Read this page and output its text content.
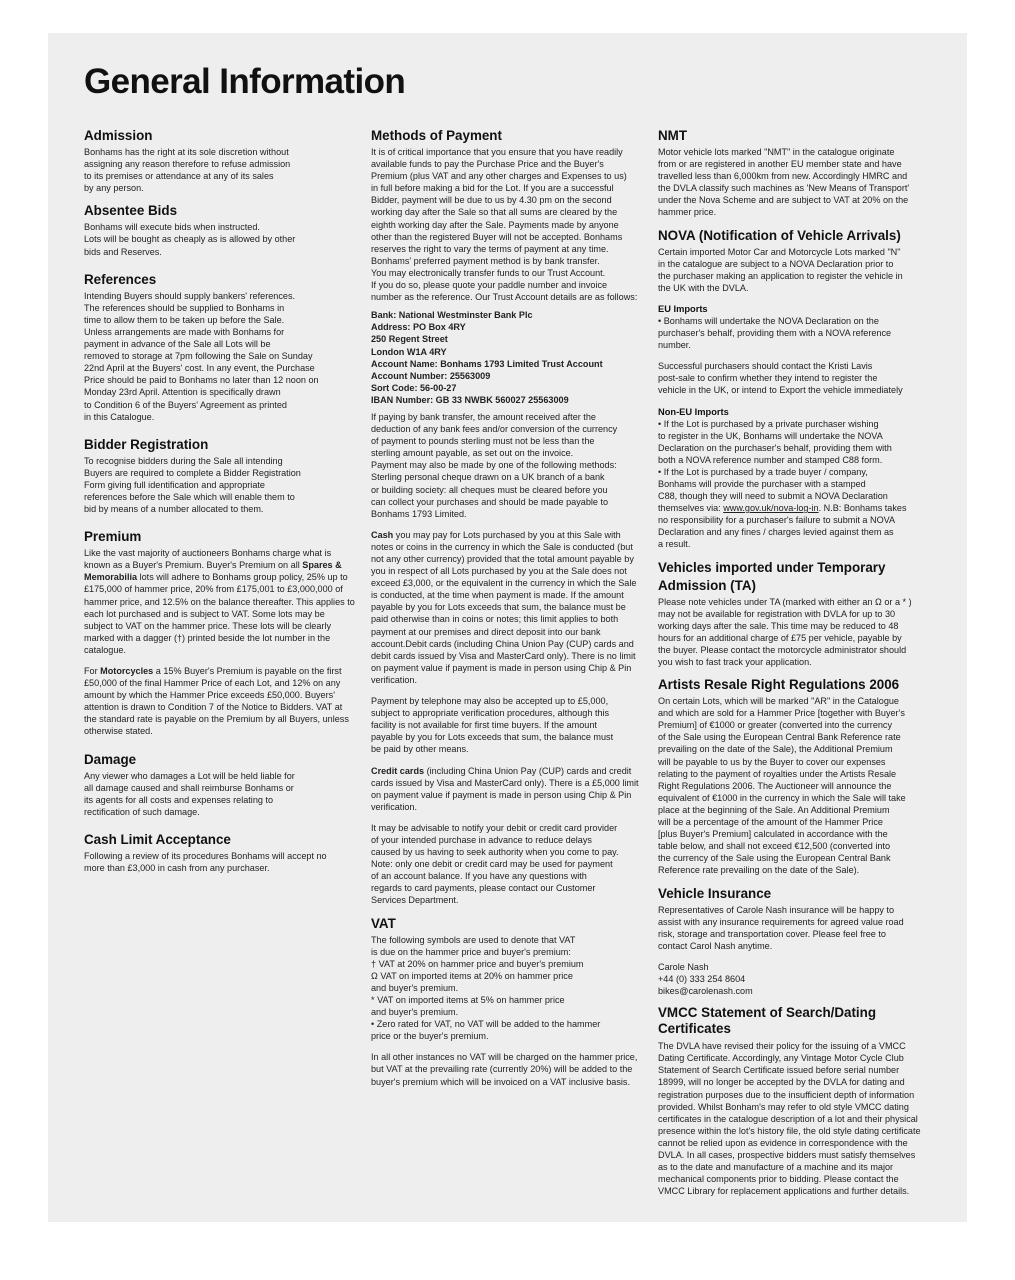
General Information
Admission

Bonhams has the right at its sole discretion without

assigning any reason therefore to refuse admission

to its premises or attendance at any of its sales

by any person.

Absentee Bids

Bonhams will execute bids when instructed.

Lots will be bought as cheaply as is allowed by other

bids and Reserves.

References

Intending Buyers should supply bankers' references.

The references should be supplied to Bonhams in

time to allow them to be taken up before the Sale.

Unless arrangements are made with Bonhams for

payment in advance of the Sale all Lots will be

removed to storage at 7pm following the Sale on Sunday

22nd April at the Buyers' cost. In any event, the Purchase

Price should be paid to Bonhams no later than 12 noon on

Monday 23rd April. Attention is specifically drawn

to Condition 6 of the Buyers' Agreement as printed

in this Catalogue.

Bidder Registration

To recognise bidders during the Sale all intending

Buyers are required to complete a Bidder Registration

Form giving full identification and appropriate

references before the Sale which will enable them to

bid by means of a number allocated to them.

Premium

Like the vast majority of auctioneers Bonhams charge what is known as a Buyer's Premium. Buyer's Premium on all Spares & Memorabilia lots will adhere to Bonhams group policy, 25% up to £175,000 of hammer price, 20% from £175,001 to £3,000,000 of hammer price, and 12.5% on the balance thereafter. This applies to each lot purchased and is subject to VAT. Some lots may be subject to VAT on the hammer price. These lots will be clearly marked with a dagger (†) printed beside the lot number in the catalogue.

For Motorcycles a 15% Buyer's Premium is payable on the first £50,000 of the final Hammer Price of each Lot, and 12% on any amount by which the Hammer Price exceeds £50,000. Buyers' attention is drawn to Condition 7 of the Notice to Bidders. VAT at the standard rate is payable on the Premium by all Buyers, unless otherwise stated.

Damage

Any viewer who damages a Lot will be held liable for

all damage caused and shall reimburse Bonhams or

its agents for all costs and expenses relating to

rectification of such damage.

Cash Limit Acceptance

Following a review of its procedures Bonhams will accept no

more than £3,000 in cash from any purchaser.

Methods of Payment

It is of critical importance that you ensure that you have readily

available funds to pay the Purchase Price and the Buyer's

Premium (plus VAT and any other charges and Expenses to us)

in full before making a bid for the Lot. If you are a successful

Bidder, payment will be due to us by 4.30 pm on the second

working day after the Sale so that all sums are cleared by the

eighth working day after the Sale. Payments made by anyone

other than the registered Buyer will not be accepted. Bonhams

reserves the right to vary the terms of payment at any time.

Bonhams' preferred payment method is by bank transfer.

You may electronically transfer funds to our Trust Account.

If you do so, please quote your paddle number and invoice

number as the reference. Our Trust Account details are as follows:

Bank: National Westminster Bank Plc

Address: PO Box 4RY

250 Regent Street

London W1A 4RY

Account Name: Bonhams 1793 Limited Trust Account

Account Number: 25563009

Sort Code: 56-00-27

IBAN Number: GB 33 NWBK 560027 25563009

If paying by bank transfer, the amount received after the

deduction of any bank fees and/or conversion of the currency

of payment to pounds sterling must not be less than the

sterling amount payable, as set out on the invoice.

Payment may also be made by one of the following methods:

Sterling personal cheque drawn on a UK branch of a bank

or building society: all cheques must be cleared before you

can collect your purchases and should be made payable to

Bonhams 1793 Limited.

Cash you may pay for Lots purchased by you at this Sale with notes or coins in the currency in which the Sale is conducted (but not any other currency) provided that the total amount payable by you in respect of all Lots purchased by you at the Sale does not exceed £3,000, or the equivalent in the currency in which the Sale is conducted, at the time when payment is made. If the amount payable by you for Lots exceeds that sum, the balance must be paid otherwise than in coins or notes; this limit applies to both payment at our premises and direct deposit into our bank account.Debit cards (including China Union Pay (CUP) cards and debit cards issued by Visa and MasterCard only). There is no limit on payment value if payment is made in person using Chip & Pin verification.

Payment by telephone may also be accepted up to £5,000,

subject to appropriate verification procedures, although this

facility is not available for first time buyers. If the amount

payable by you for Lots exceeds that sum, the balance must

be paid by other means.

Credit cards (including China Union Pay (CUP) cards and credit cards issued by Visa and MasterCard only). There is a £5,000 limit on payment value if payment is made in person using Chip & Pin verification.

It may be advisable to notify your debit or credit card provider

of your intended purchase in advance to reduce delays

caused by us having to seek authority when you come to pay.

Note: only one debit or credit card may be used for payment

of an account balance. If you have any questions with

regards to card payments, please contact our Customer

Services Department.

VAT

The following symbols are used to denote that VAT

is due on the hammer price and buyer's premium:

† VAT at 20% on hammer price and buyer's premium

Ω VAT on imported items at 20% on hammer price

and buyer's premium.

* VAT on imported items at 5% on hammer price

and buyer's premium.

• Zero rated for VAT, no VAT will be added to the hammer

price or the buyer's premium.

In all other instances no VAT will be charged on the hammer price,

but VAT at the prevailing rate (currently 20%) will be added to the

buyer's premium which will be invoiced on a VAT inclusive basis.

NMT

Motor vehicle lots marked "NMT" in the catalogue originate

from or are registered in another EU member state and have

travelled less than 6,000km from new. Accordingly HMRC and

the DVLA classify such machines as 'New Means of Transport'

under the Nova Scheme and are subject to VAT at 20% on the

hammer price.

NOVA (Notification of Vehicle Arrivals)

Certain imported Motor Car and Motorcycle Lots marked "N"

in the catalogue are subject to a NOVA Declaration prior to

the purchaser making an application to register the vehicle in

the UK with the DVLA.

EU Imports

• Bonhams will undertake the NOVA Declaration on the

purchaser's behalf, providing them with a NOVA reference

number.

Successful purchasers should contact the Kristi Lavis

post-sale to confirm whether they intend to register the

vehicle in the UK, or intend to Export the vehicle immediately

Non-EU Imports

• If the Lot is purchased by a private purchaser wishing

to register in the UK, Bonhams will undertake the NOVA

Declaration on the purchaser's behalf, providing them with

both a NOVA reference number and stamped C88 form.

• If the Lot is purchased by a trade buyer / company,

Bonhams will provide the purchaser with a stamped

C88, though they will need to submit a NOVA Declaration

themselves via: www.gov.uk/nova-log-in. N.B: Bonhams takes

no responsibility for a purchaser's failure to submit a NOVA

Declaration and any fines / charges levied against them as

a result.

Vehicles imported under Temporary
Admission (TA)

Please note vehicles under TA (marked with either an Ω or a * )

may not be available for registration with DVLA for up to 30

working days after the sale. This time may be reduced to 48

hours for an additional charge of £75 per vehicle, payable by

the buyer. Please contact the motorcycle administrator should

you wish to fast track your application.

Artists Resale Right Regulations 2006

On certain Lots, which will be marked "AR" in the Catalogue

and which are sold for a Hammer Price [together with Buyer's

Premium] of €1000 or greater (converted into the currency

of the Sale using the European Central Bank Reference rate

prevailing on the date of the Sale), the Additional Premium

will be payable to us by the Buyer to cover our expenses

relating to the payment of royalties under the Artists Resale

Right Regulations 2006. The Auctioneer will announce the

equivalent of €1000 in the currency in which the Sale will take

place at the beginning of the Sale. An Additional Premium

will be a percentage of the amount of the Hammer Price

[plus Buyer's Premium] calculated in accordance with the

table below, and shall not exceed €12,500 (converted into

the currency of the Sale using the European Central Bank

Reference rate prevailing on the date of the Sale).

Vehicle Insurance

Representatives of Carole Nash insurance will be happy to

assist with any insurance requirements for agreed value road

risk, storage and transportation cover. Please feel free to

contact Carol Nash anytime.

Carole Nash

+44 (0) 333 254 8604

bikes@carolenash.com

VMCC Statement of Search/Dating
Certificates

The DVLA have revised their policy for the issuing of a VMCC

Dating Certificate. Accordingly, any Vintage Motor Cycle Club

Statement of Search Certificate issued before serial number

18999, will no longer be accepted by the DVLA for dating and

registration purposes due to the insufficient depth of information

provided. Whilst Bonham's may refer to old style VMCC dating

certificates in the catalogue description of a lot and their physical

presence within the lot's history file, the old style dating certificate

cannot be relied upon as evidence in correspondence with the

DVLA. In all cases, prospective bidders must satisfy themselves

as to the date and manufacture of a machine and its major

mechanical components prior to bidding. Please contact the

VMCC Library for replacement applications and further details.
